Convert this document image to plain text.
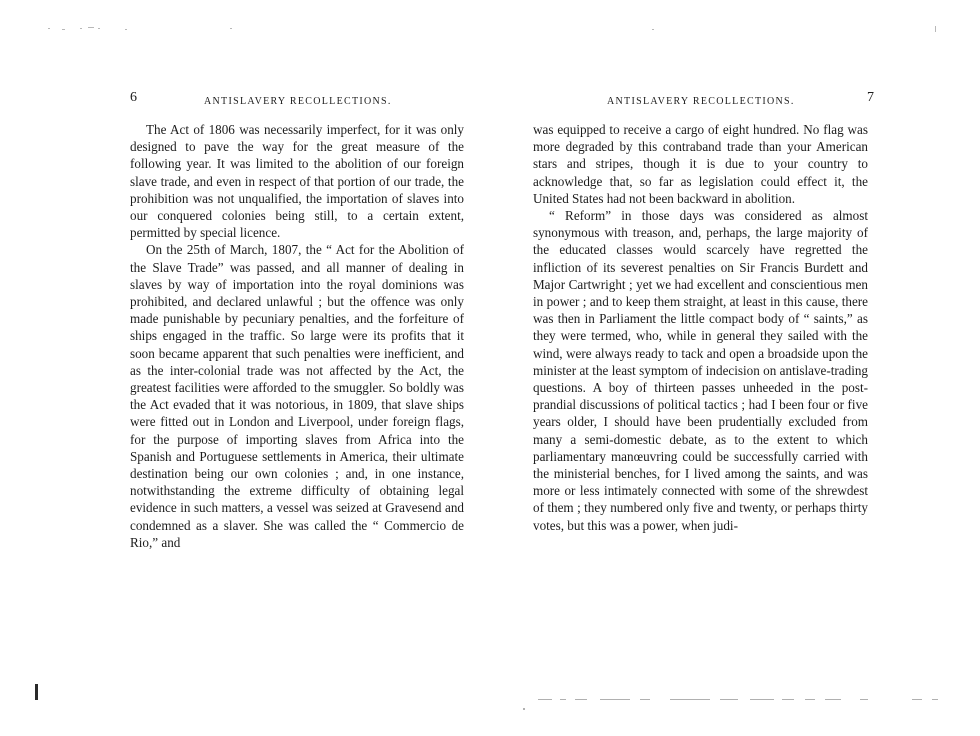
6	ANTISLAVERY RECOLLECTIONS.

The Act of 1806 was necessarily imperfect, for it was only designed to pave the way for the great measure of the following year. It was limited to the abolition of our foreign slave trade, and even in respect of that portion of our trade, the prohibition was not unqualified, the importation of slaves into our conquered colonies being still, to a certain extent, permitted by special licence.

On the 25th of March, 1807, the “ Act for the Abolition of the Slave Trade” was passed, and all manner of dealing in slaves by way of importation into the royal dominions was prohibited, and declared unlawful ; but the offence was only made punishable by pecuniary penalties, and the forfeiture of ships engaged in the traffic. So large were its profits that it soon became apparent that such penalties were inefficient, and as the inter-colonial trade was not affected by the Act, the greatest facilities were afforded to the smuggler. So boldly was the Act evaded that it was notorious, in 1809, that slave ships were fitted out in London and Liverpool, under foreign flags, for the purpose of importing slaves from Africa into the Spanish and Portuguese settlements in America, their ultimate destination being our own colonies ; and, in one instance, notwithstanding the extreme difficulty of obtaining legal evidence in such matters, a vessel was seized at Gravesend and condemned as a slaver. She was called the “ Commercio de Rio,” and

ANTISLAVERY RECOLLECTIONS.	7

was equipped to receive a cargo of eight hundred. No flag was more degraded by this contraband trade than your American stars and stripes, though it is due to your country to acknowledge that, so far as legislation could effect it, the United States had not been backward in abolition.

“ Reform” in those days was considered as almost synonymous with treason, and, perhaps, the large majority of the educated classes would scarcely have regretted the infliction of its severest penalties on Sir Francis Burdett and Major Cartwright ; yet we had excellent and conscientious men in power ; and to keep them straight, at least in this cause, there was then in Parliament the little compact body of “ saints,” as they were termed, who, while in general they sailed with the wind, were always ready to tack and open a broadside upon the minister at the least symptom of indecision on antislave-trading questions. A boy of thirteen passes unheeded in the post-prandial discussions of political tactics ; had I been four or five years older, I should have been prudentially excluded from many a semi-domestic debate, as to the extent to which parliamentary manœuvring could be successfully carried with the ministerial benches, for I lived among the saints, and was more or less intimately connected with some of the shrewdest of them ; they numbered only five and twenty, or perhaps thirty votes, but this was a power, when judi-
